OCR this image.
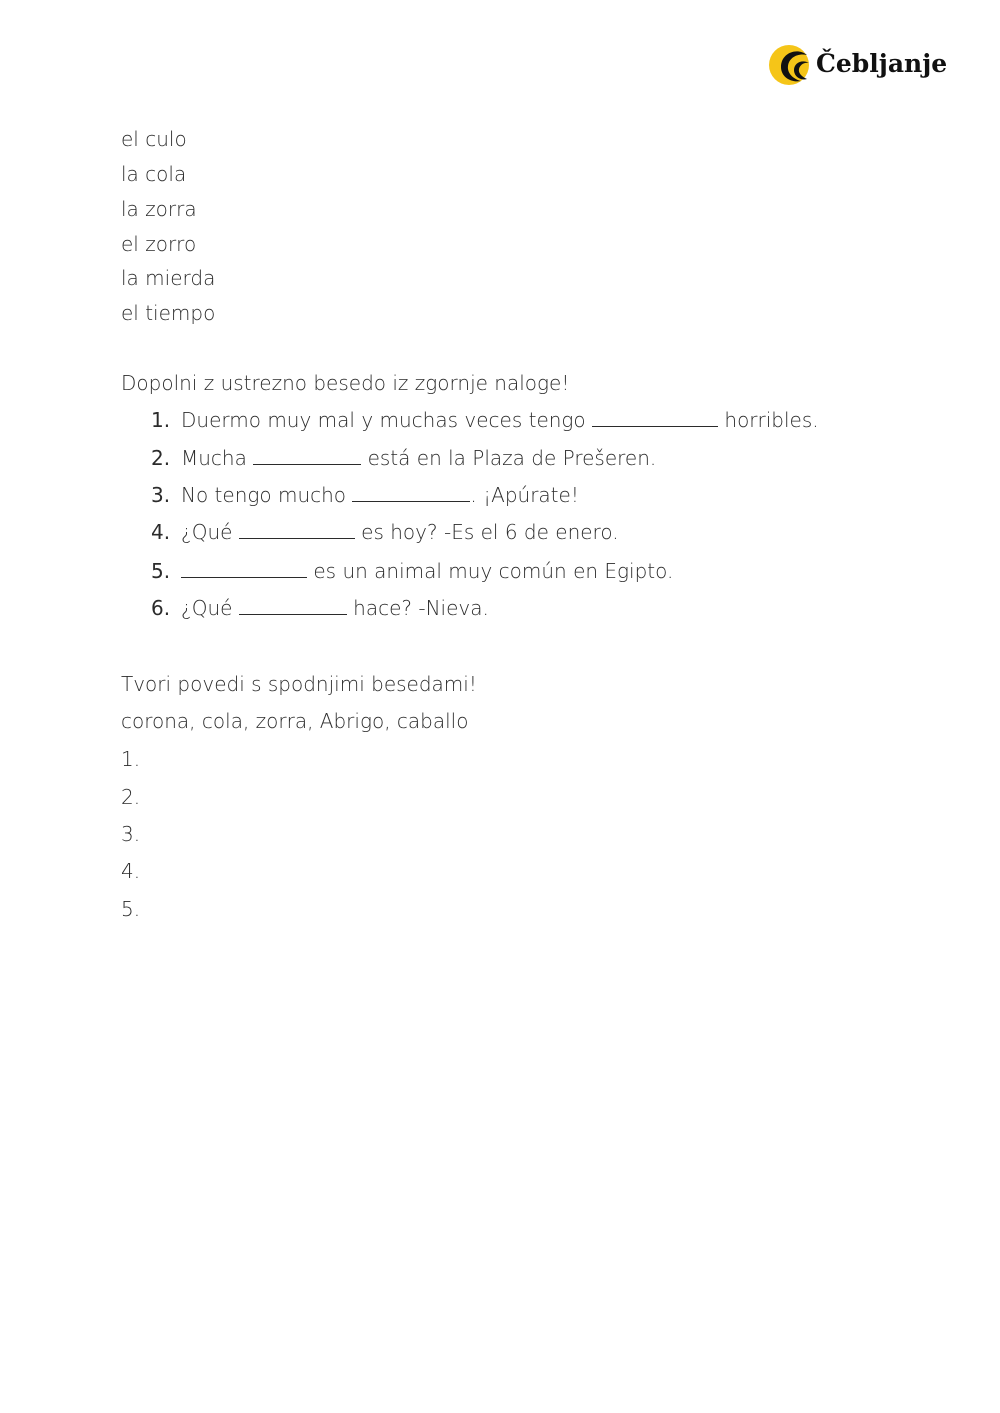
Čebljanje
el culo
la cola
la zorra
el zorro
la mierda
el tiempo
Dopolni z ustrezno besedo iz zgornje naloge!
1. Duermo muy mal y muchas veces tengo	horribles.
2. Mucha	está en la Plaza de Prešeren.
3. No tengo mucho	. ¡Apúrate!
4. ¿Qué	es hoy? -Es el 6 de enero.
5.	es un animal muy común en Egipto.
6. ¿Qué	hace? -Nieva.
Tvori povedi s spodnjimi besedami!
corona, cola, zorra, Abrigo, caballo
1.
2.
3.
4.
5.
